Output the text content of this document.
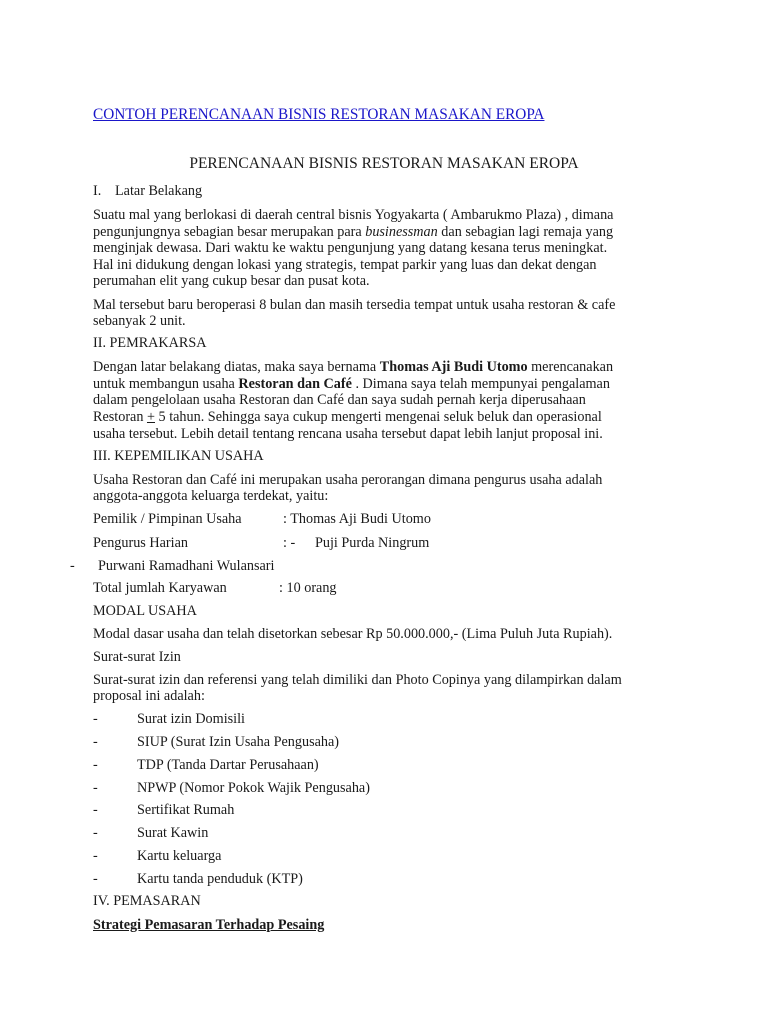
CONTOH PERENCANAAN BISNIS RESTORAN MASAKAN EROPA
PERENCANAAN BISNIS RESTORAN MASAKAN EROPA
I. Latar Belakang
Suatu mal yang berlokasi di daerah central bisnis Yogyakarta ( Ambarukmo Plaza) , dimana
pengunjungnya sebagian besar merupakan para businessman dan sebagian lagi remaja yang
menginjak dewasa. Dari waktu ke waktu pengunjung yang datang kesana terus meningkat.
Hal ini didukung dengan lokasi yang strategis, tempat parkir yang luas dan dekat dengan
perumahan elit yang cukup besar dan pusat kota.
Mal tersebut baru beroperasi 8 bulan dan masih tersedia tempat untuk usaha restoran & cafe
sebanyak 2 unit.
II. PEMRAKARSA
Dengan latar belakang diatas, maka saya bernama Thomas Aji Budi Utomo merencanakan
untuk membangun usaha Restoran dan Café . Dimana saya telah mempunyai pengalaman
dalam pengelolaan usaha Restoran dan Café dan saya sudah pernah kerja diperusahaan
Restoran + 5 tahun. Sehingga saya cukup mengerti mengenai seluk beluk dan operasional
usaha tersebut. Lebih detail tentang rencana usaha tersebut dapat lebih lanjut proposal ini.
III. KEPEMILIKAN USAHA
Usaha Restoran dan Café ini merupakan usaha perorangan dimana pengurus usaha adalah
anggota-anggota keluarga terdekat, yaitu:
Pemilik / Pimpinan Usaha	: Thomas Aji Budi Utomo
Pengurus Harian	: - Puji Purda Ningrum
- Purwani Ramadhani Wulansari
Total jumlah Karyawan	: 10 orang
MODAL USAHA
Modal dasar usaha dan telah disetorkan sebesar Rp 50.000.000,- (Lima Puluh Juta Rupiah).
Surat-surat Izin
Surat-surat izin dan referensi yang telah dimiliki dan Photo Copinya yang dilampirkan dalam
proposal ini adalah:
-	Surat izin Domisili
-	SIUP (Surat Izin Usaha Pengusaha)
-	TDP (Tanda Dartar Perusahaan)
-	NPWP (Nomor Pokok Wajik Pengusaha)
-	Sertifikat Rumah
-	Surat Kawin
-	Kartu keluarga
-	Kartu tanda penduduk (KTP)
IV. PEMASARAN
Strategi Pemasaran Terhadap Pesaing
